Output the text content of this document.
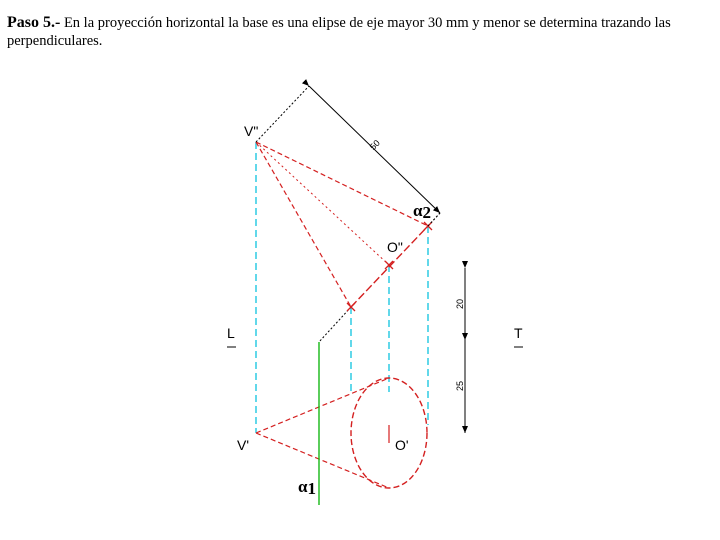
Paso 5.- En la proyección horizontal la base es una elipse de eje mayor 30 mm y menor se determina trazando las perpendiculares.
50
20
25
V"
O"
α2
V'	O'
α1
L	T
